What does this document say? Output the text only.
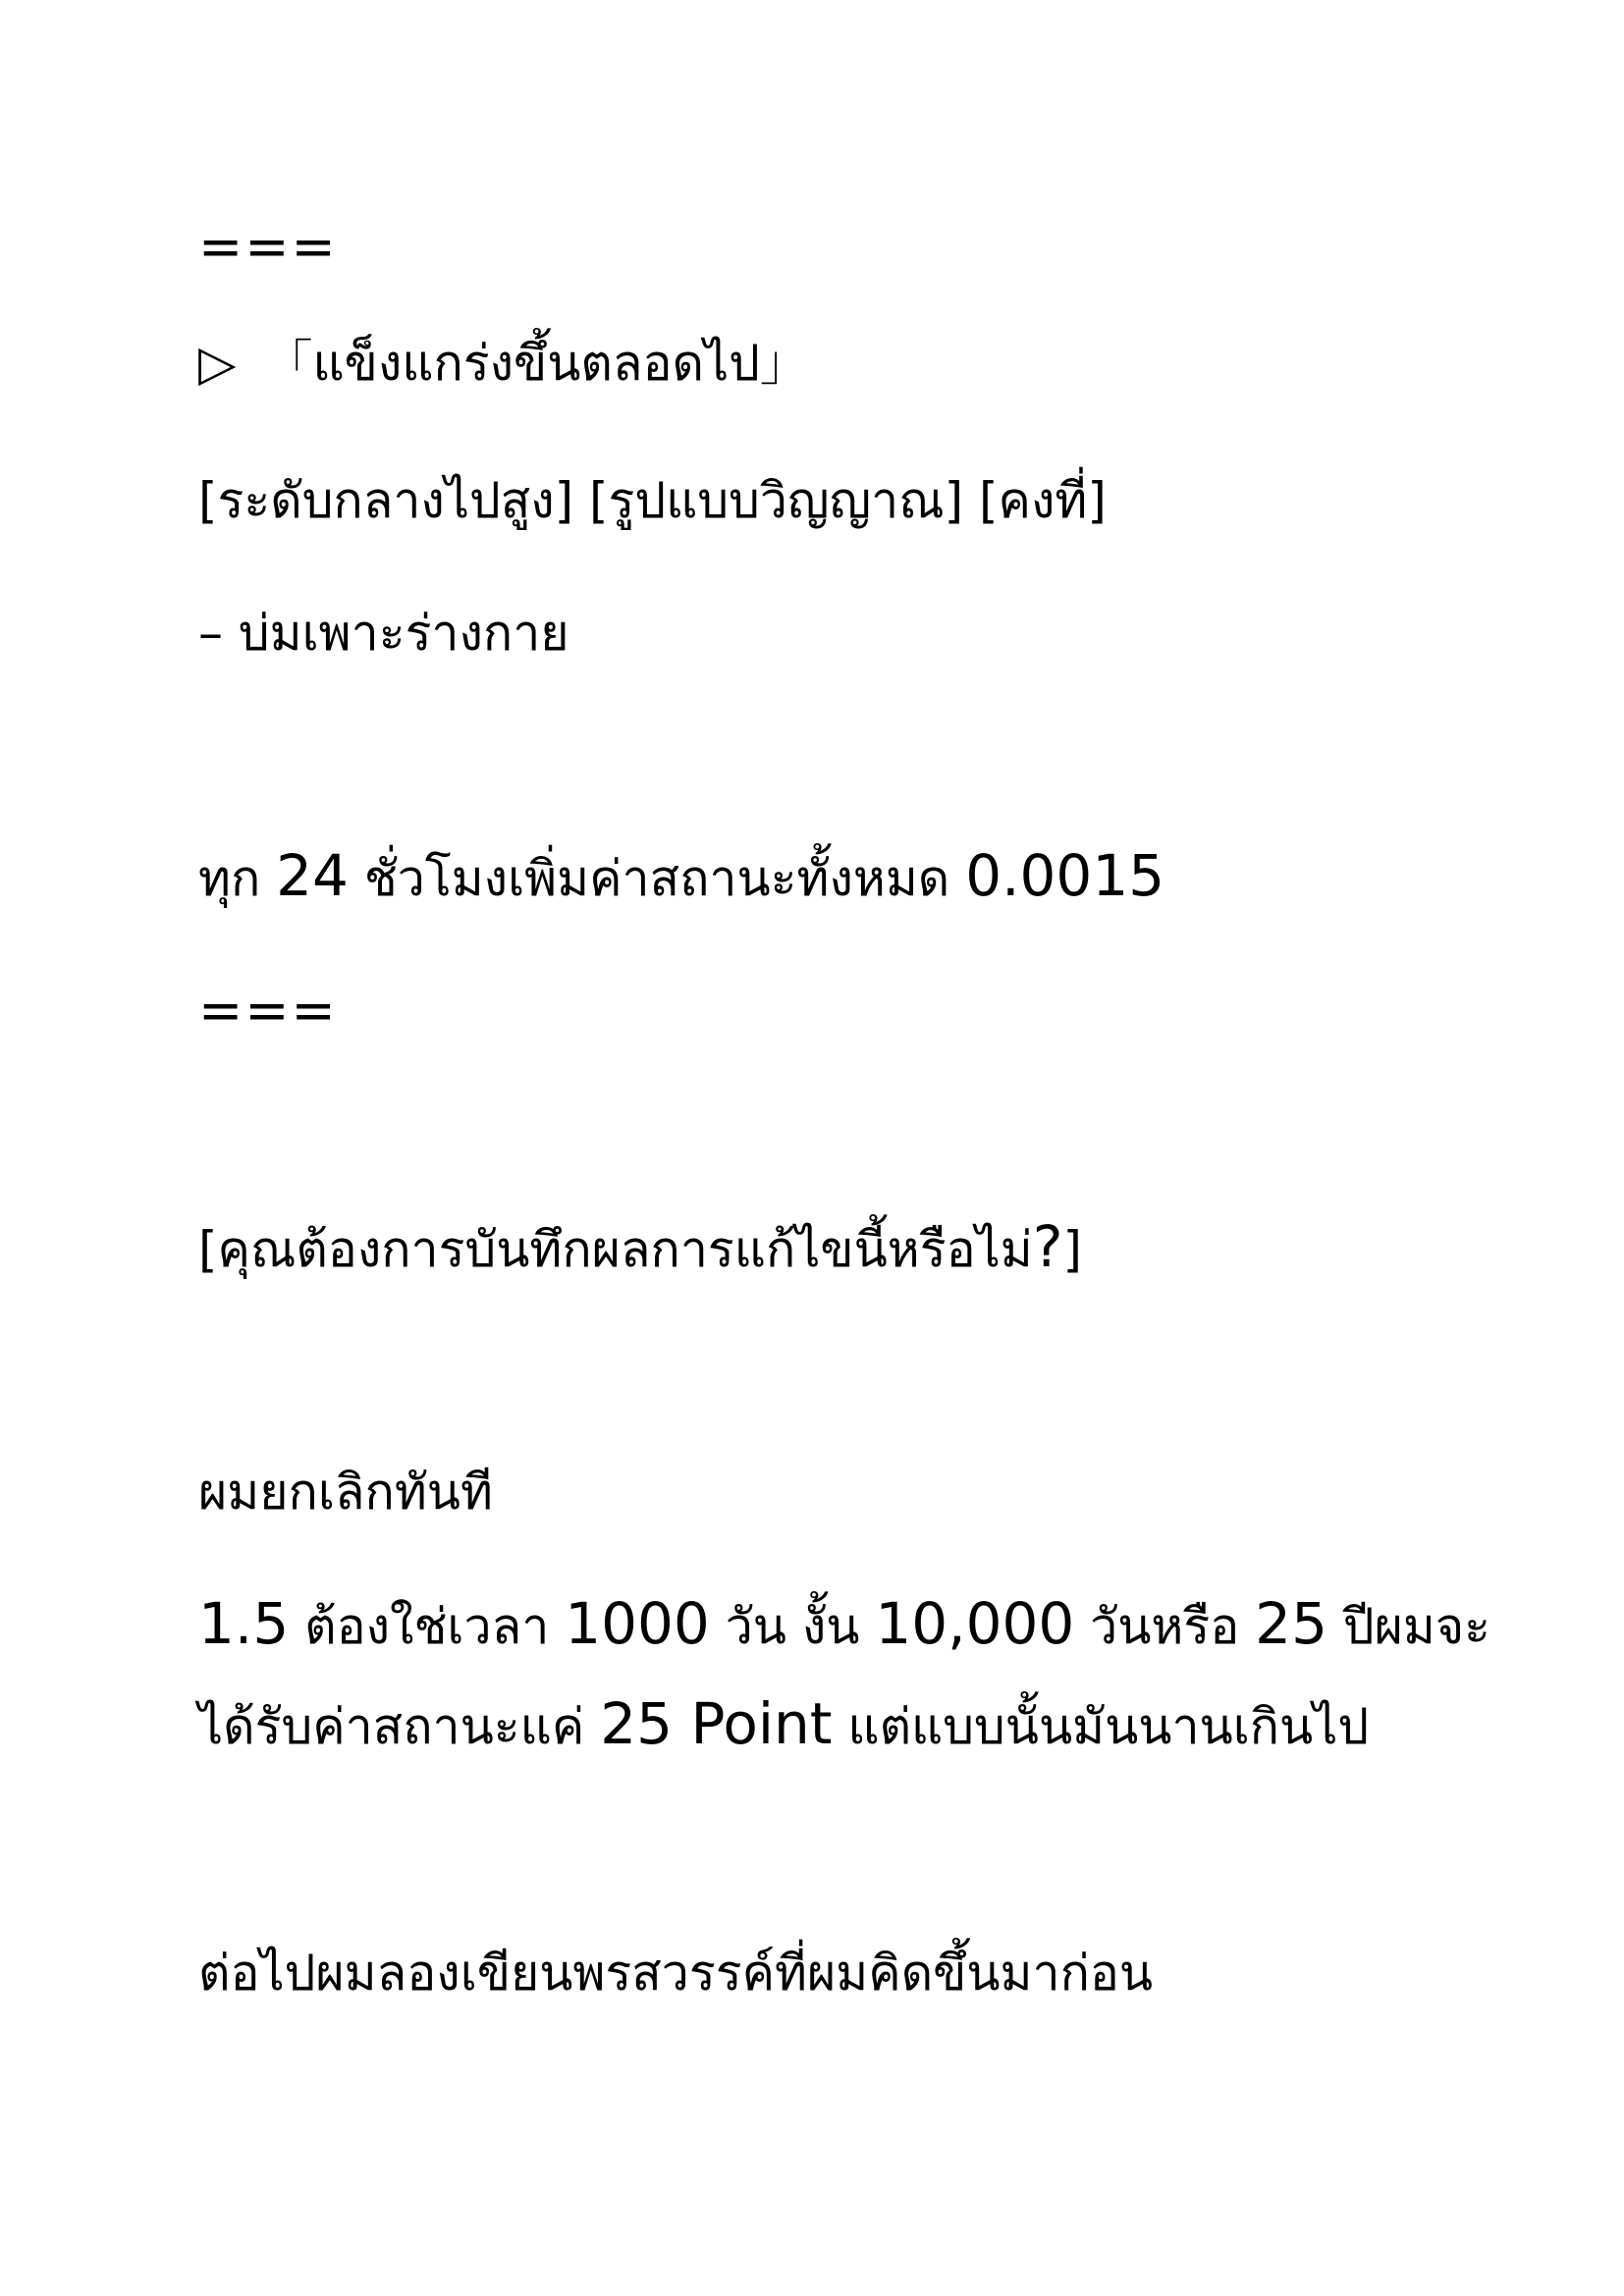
===
▷ 「แข็งแกร่งขึ้นตลอดไป」
[ระดับกลางไปสูง] [รูปแบบวิญญาณ] [คงที่]
– บ่มเพาะร่างกาย
ทุก 24 ชั่วโมงเพิ่มค่าสถานะทั้งหมด 0.0015
===
[คุณต้องการบันทึกผลการแก้ไขนี้หรือไม่?]
ผมยกเลิกทันที
1.5 ต้องใช่เวลา 1000 วัน งั้น 10,000 วันหรือ 25 ปีผมจะ
ได้รับค่าสถานะแค่ 25 Point แต่แบบนั้นมันนานเกินไป
ต่อไปผมลองเขียนพรสวรรค์ที่ผมคิดขึ้นมาก่อน
